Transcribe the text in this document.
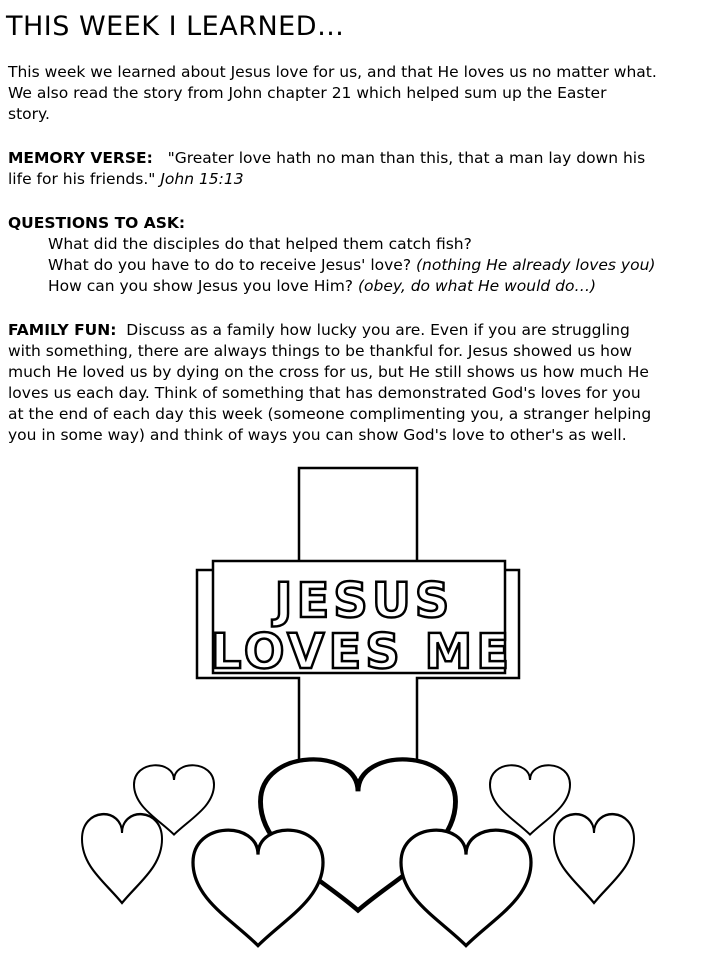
THIS WEEK I LEARNED…
This week we learned about Jesus love for us, and that He loves us no matter what.
We also read the story from John chapter 21 which helped sum up the Easter
story.
MEMORY VERSE: "Greater love hath no man than this, that a man lay down his
life for his friends." John 15:13
QUESTIONS TO ASK:
What did the disciples do that helped them catch fish?
What do you have to do to receive Jesus' love? (nothing He already loves you)
How can you show Jesus you love Him? (obey, do what He would do…)
FAMILY FUN: Discuss as a family how lucky you are. Even if you are struggling
with something, there are always things to be thankful for. Jesus showed us how
much He loved us by dying on the cross for us, but He still shows us how much He
loves us each day. Think of something that has demonstrated God's loves for you
at the end of each day this week (someone complimenting you, a stranger helping
you in some way) and think of ways you can show God's love to other's as well.
JESUS
LOVES ME
